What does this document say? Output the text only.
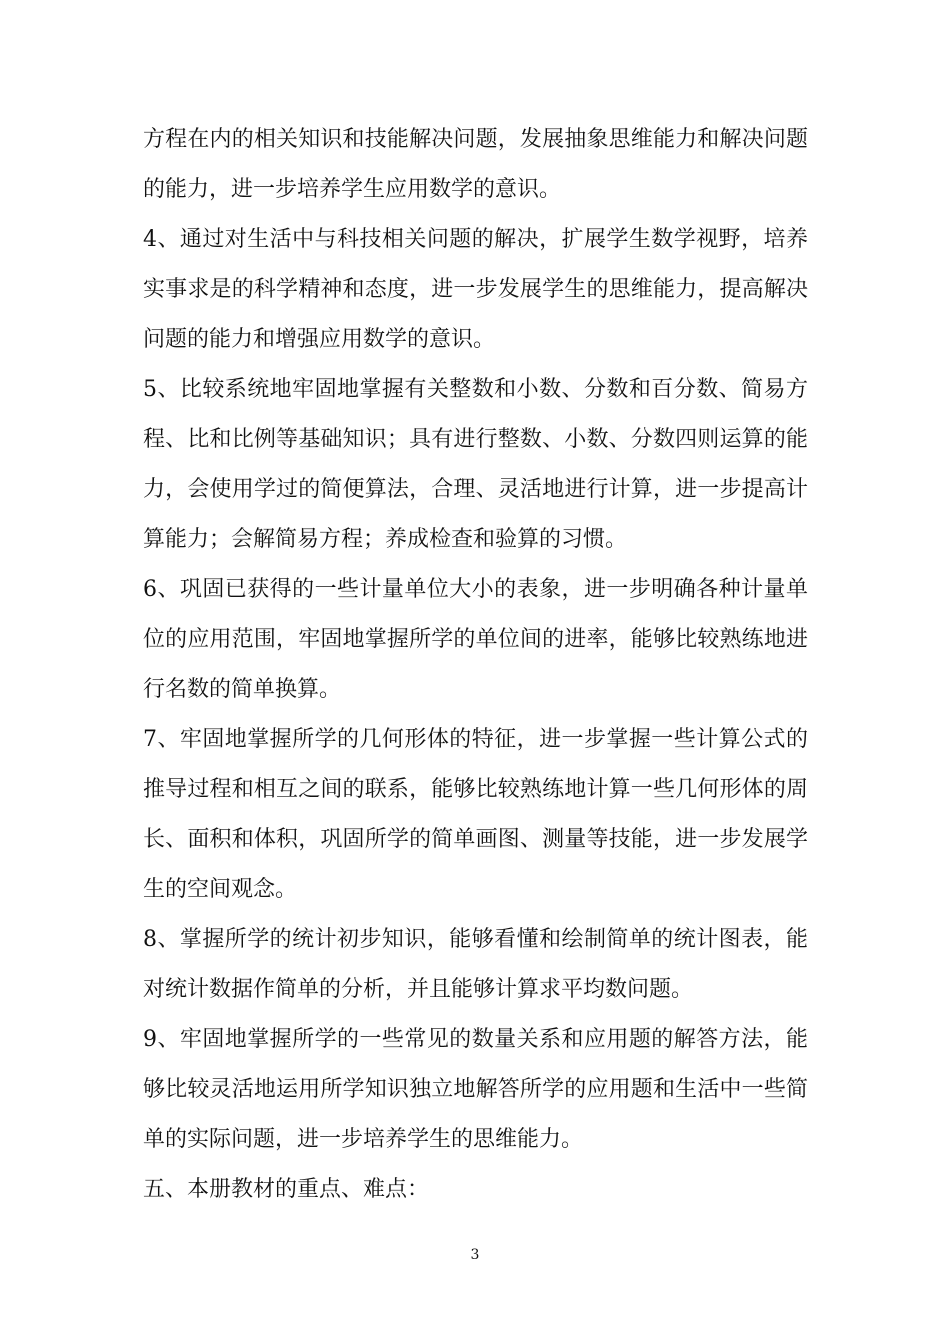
方程在内的相关知识和技能解决问题，发展抽象思维能力和解决问题的能力，进一步培养学生应用数学的意识。

4、通过对生活中与科技相关问题的解决，扩展学生数学视野，培养实事求是的科学精神和态度，进一步发展学生的思维能力，提高解决问题的能力和增强应用数学的意识。

5、比较系统地牢固地掌握有关整数和小数、分数和百分数、简易方程、比和比例等基础知识；具有进行整数、小数、分数四则运算的能力，会使用学过的简便算法，合理、灵活地进行计算，进一步提高计算能力；会解简易方程；养成检查和验算的习惯。

6、巩固已获得的一些计量单位大小的表象，进一步明确各种计量单位的应用范围，牢固地掌握所学的单位间的进率，能够比较熟练地进行名数的简单换算。

7、牢固地掌握所学的几何形体的特征，进一步掌握一些计算公式的推导过程和相互之间的联系，能够比较熟练地计算一些几何形体的周长、面积和体积，巩固所学的简单画图、测量等技能，进一步发展学生的空间观念。

8、掌握所学的统计初步知识，能够看懂和绘制简单的统计图表，能对统计数据作简单的分析，并且能够计算求平均数问题。

9、牢固地掌握所学的一些常见的数量关系和应用题的解答方法，能够比较灵活地运用所学知识独立地解答所学的应用题和生活中一些简单的实际问题，进一步培养学生的思维能力。

五、本册教材的重点、难点：

3
